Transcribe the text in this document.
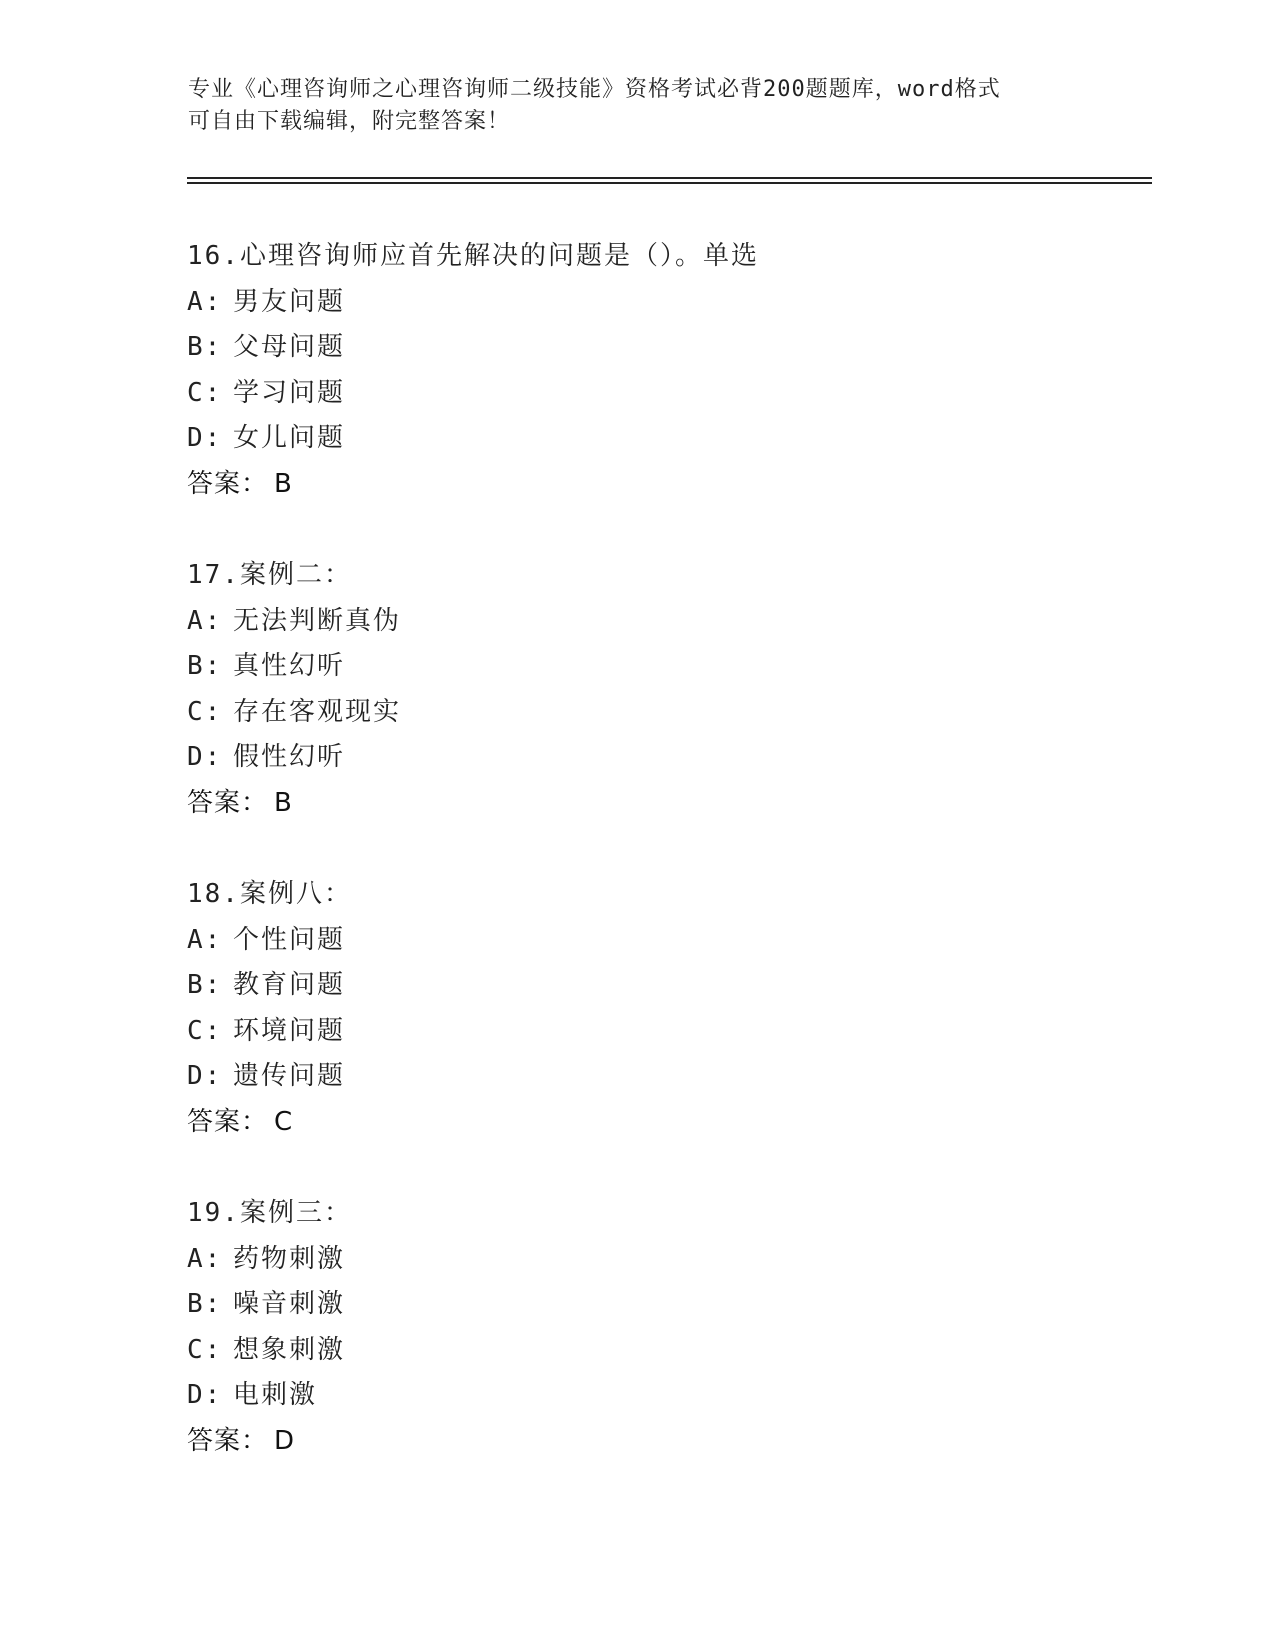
专业《心理咨询师之心理咨询师二级技能》资格考试必背200题题库，word格式
可自由下载编辑，附完整答案！
16.心理咨询师应首先解决的问题是（）。单选
A: 男友问题
B: 父母问题
C: 学习问题
D: 女儿问题
答案： B
17.案例二：
A: 无法判断真伪
B: 真性幻听
C: 存在客观现实
D: 假性幻听
答案： B
18.案例八：
A: 个性问题
B: 教育问题
C: 环境问题
D: 遗传问题
答案： C
19.案例三：
A: 药物刺激
B: 噪音刺激
C: 想象刺激
D: 电刺激
答案： D
